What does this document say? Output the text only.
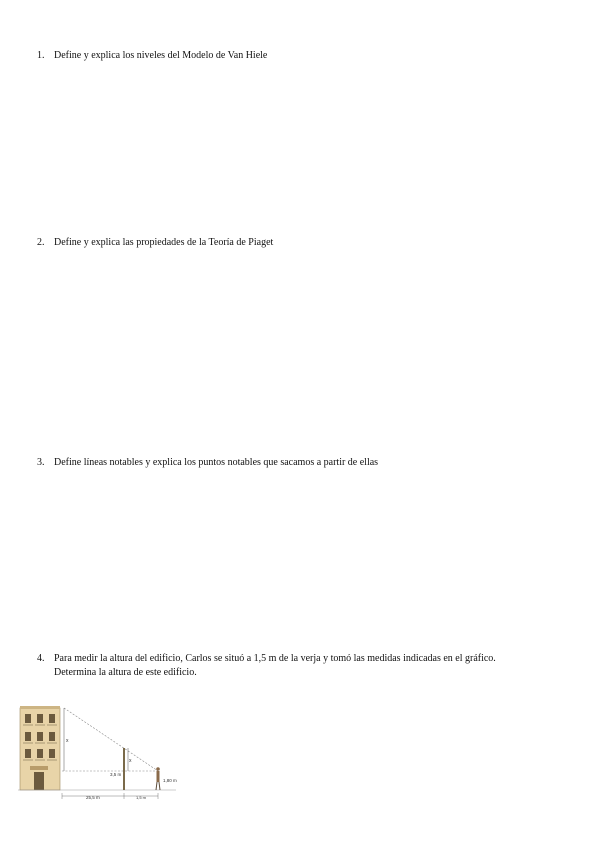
1. Define y explica los niveles del Modelo de Van Hiele
2. Define y explica las propiedades de la Teoría de Piaget
3. Define líneas notables y explica los puntos notables que sacamos a partir de ellas
4. Para medir la altura del edificio, Carlos se situó a 1,5 m de la verja y tomó las medidas indicadas en el gráfico.
Determina la altura de este edificio.
x
x
3,5 m
1,80 m
25,5 m	1,5 m
